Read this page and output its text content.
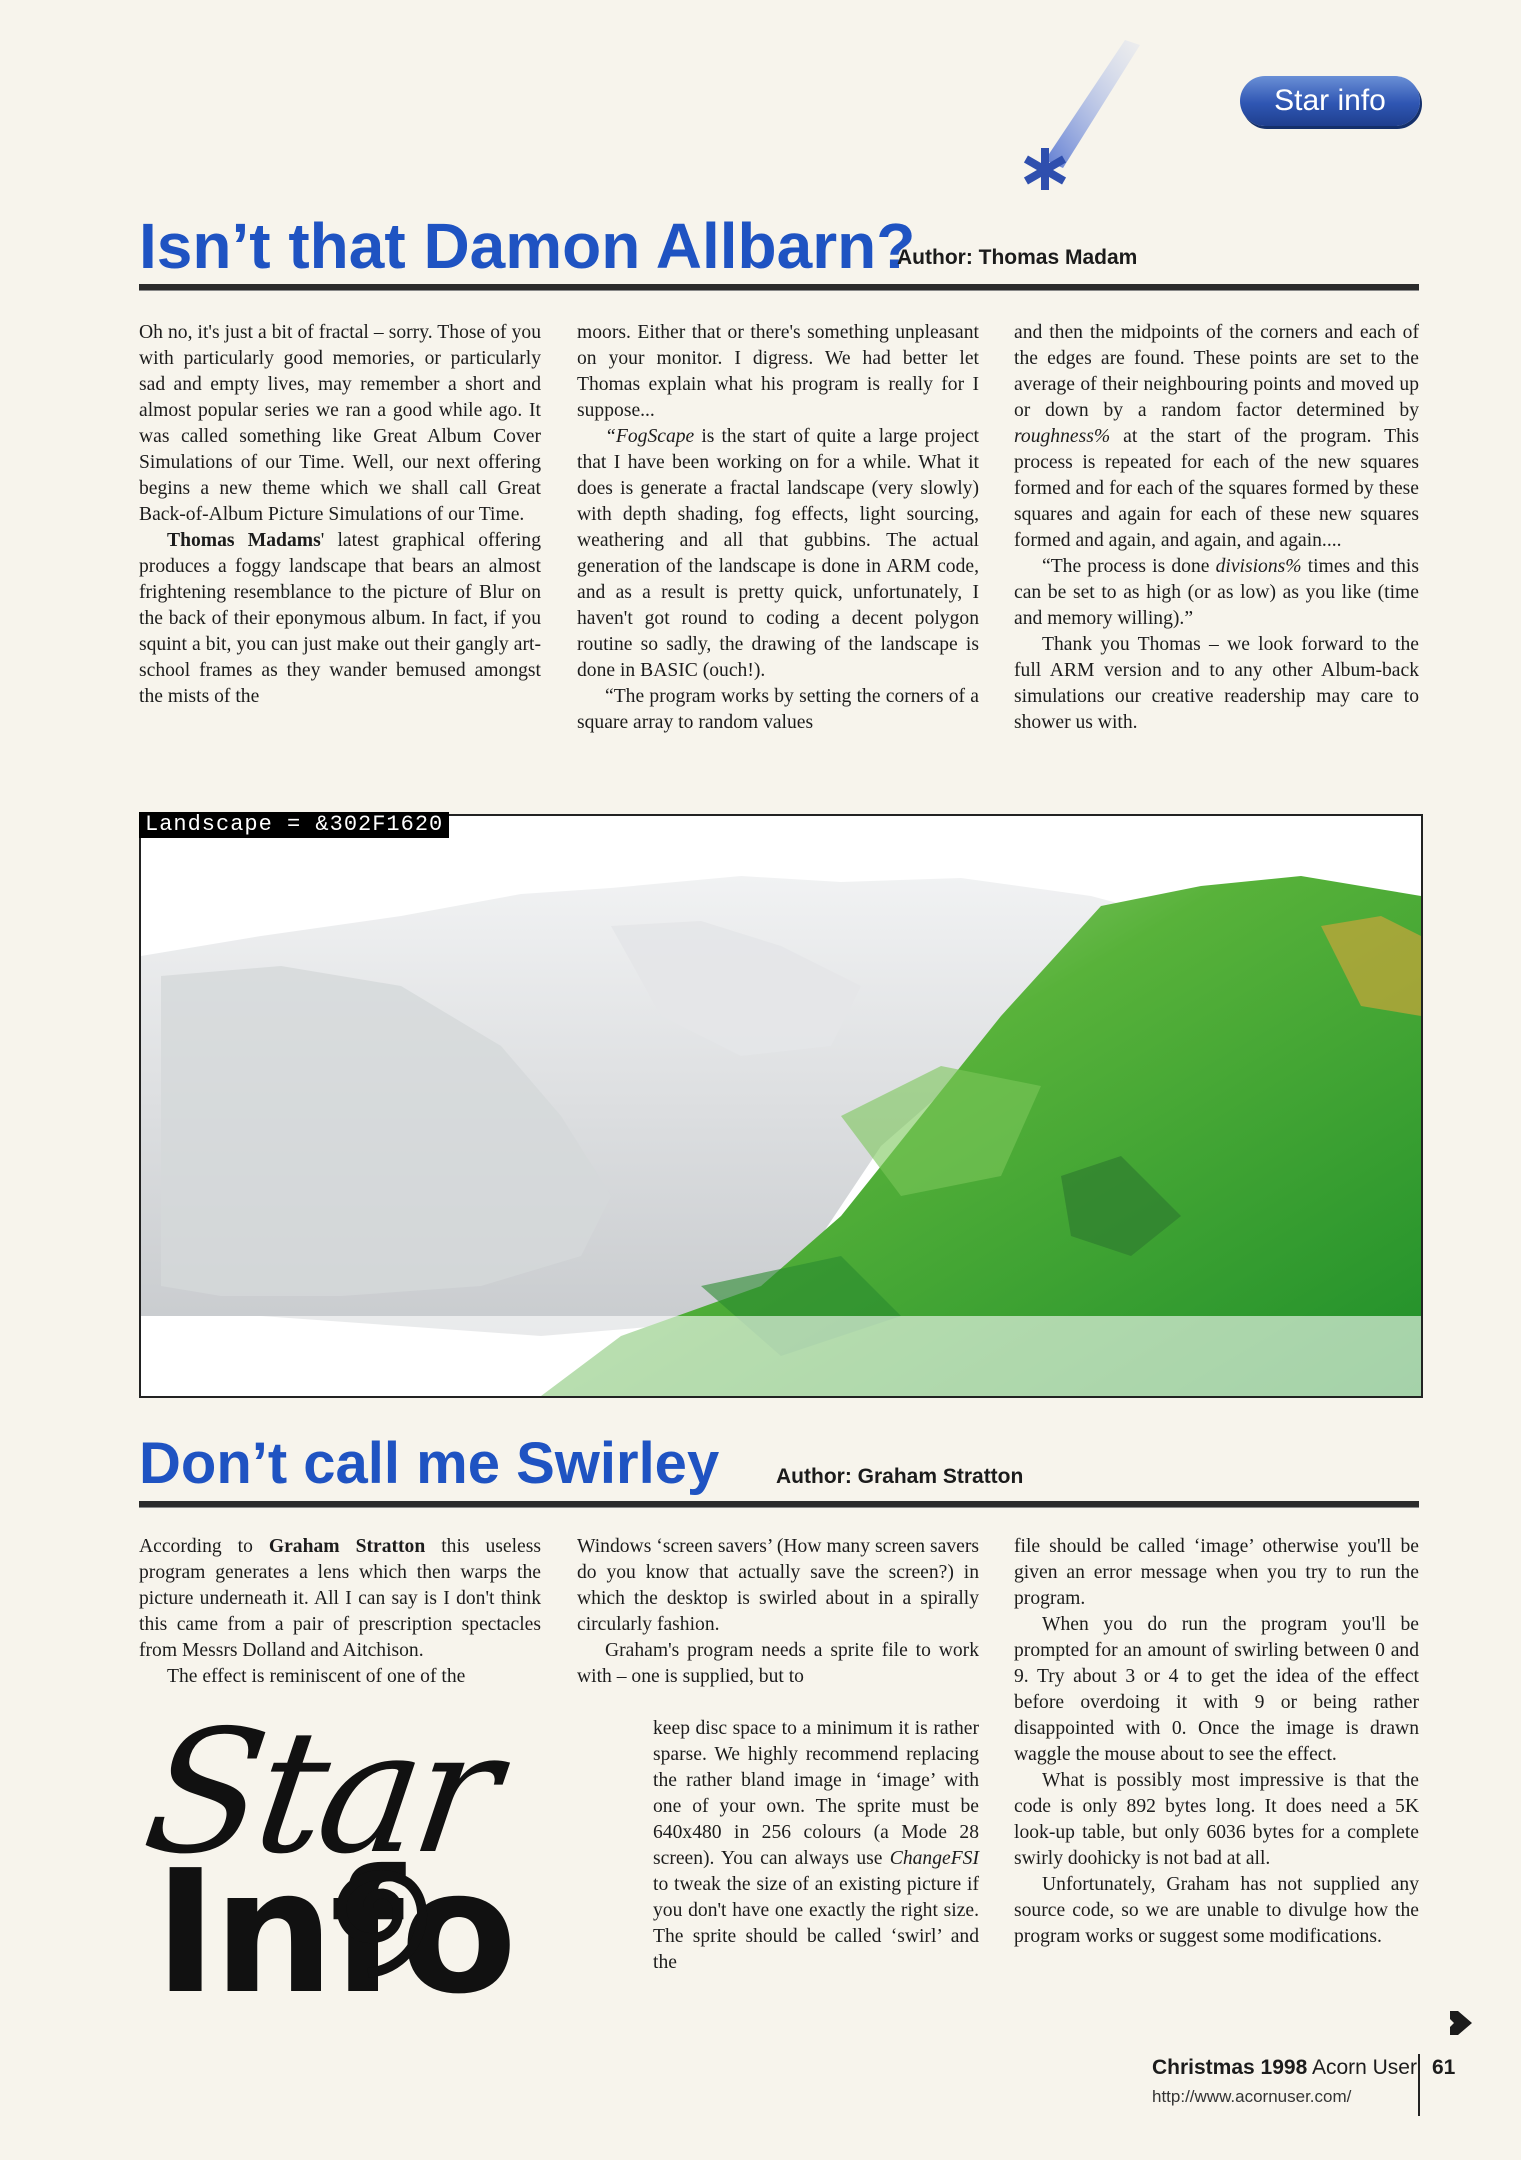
Star info
Isn’t that Damon Allbarn?
Author: Thomas Madam

Oh no, it's just a bit of fractal – sorry. Those of you with particularly good memories, or particularly sad and empty lives, may remember a short and almost popular series we ran a good while ago. It was called something like Great Album Cover Simulations of our Time. Well, our next offering begins a new theme which we shall call Great Back-of-Album Picture Simulations of our Time.

Thomas Madams' latest graphical offering produces a foggy landscape that bears an almost frightening resemblance to the picture of Blur on the back of their eponymous album. In fact, if you squint a bit, you can just make out their gangly art-school frames as they wander bemused amongst the mists of the

moors. Either that or there's something unpleasant on your monitor. I digress. We had better let Thomas explain what his program is really for I suppose...

“FogScape is the start of quite a large project that I have been working on for a while. What it does is generate a fractal landscape (very slowly) with depth shading, fog effects, light sourcing, weathering and all that gubbins. The actual generation of the landscape is done in ARM code, and as a result is pretty quick, unfortunately, I haven't got round to coding a decent polygon routine so sadly, the drawing of the landscape is done in BASIC (ouch!).

“The program works by setting the corners of a square array to random values

and then the midpoints of the corners and each of the edges are found. These points are set to the average of their neighbouring points and moved up or down by a random factor determined by roughness% at the start of the program. This process is repeated for each of the new squares formed and for each of the squares formed by these squares and again for each of these new squares formed and again, and again, and again....

“The process is done divisions% times and this can be set to as high (or as low) as you like (time and memory willing).”

Thank you Thomas – we look forward to the full ARM version and to any other Album-back simulations our creative readership may care to shower us with.

Landscape = &302F1620
Don’t call me Swirley	Author: Graham Stratton

According to Graham Stratton this useless program generates a lens which then warps the picture underneath it. All I can say is I don't think this came from a pair of prescription spectacles from Messrs Dolland and Aitchison.

The effect is reminiscent of one of the

Star
Info

Windows ‘screen savers’ (How many screen savers do you know that actually save the screen?) in which the desktop is swirled about in a spirally circularly fashion.

Graham's program needs a sprite file to work with – one is supplied, but to

keep disc space to a minimum it is rather sparse. We highly recommend replacing the rather bland image in ‘image’ with one of your own. The sprite must be 640x480 in 256 colours (a Mode 28 screen). You can always use ChangeFSI to tweak the size of an existing picture if you don't have one exactly the right size. The sprite should be called ‘swirl’ and the

file should be called ‘image’ otherwise you'll be given an error message when you try to run the program.

When you do run the program you'll be prompted for an amount of swirling between 0 and 9. Try about 3 or 4 to get the idea of the effect before overdoing it with 9 or being rather disappointed with 0. Once the image is drawn waggle the mouse about to see the effect.

What is possibly most impressive is that the code is only 892 bytes long. It does need a 5K look-up table, but only 6036 bytes for a complete swirly doohicky is not bad at all.

Unfortunately, Graham has not supplied any source code, so we are unable to divulge how the program works or suggest some modifications.

Christmas 1998 Acorn User 61
http://www.acornuser.com/
